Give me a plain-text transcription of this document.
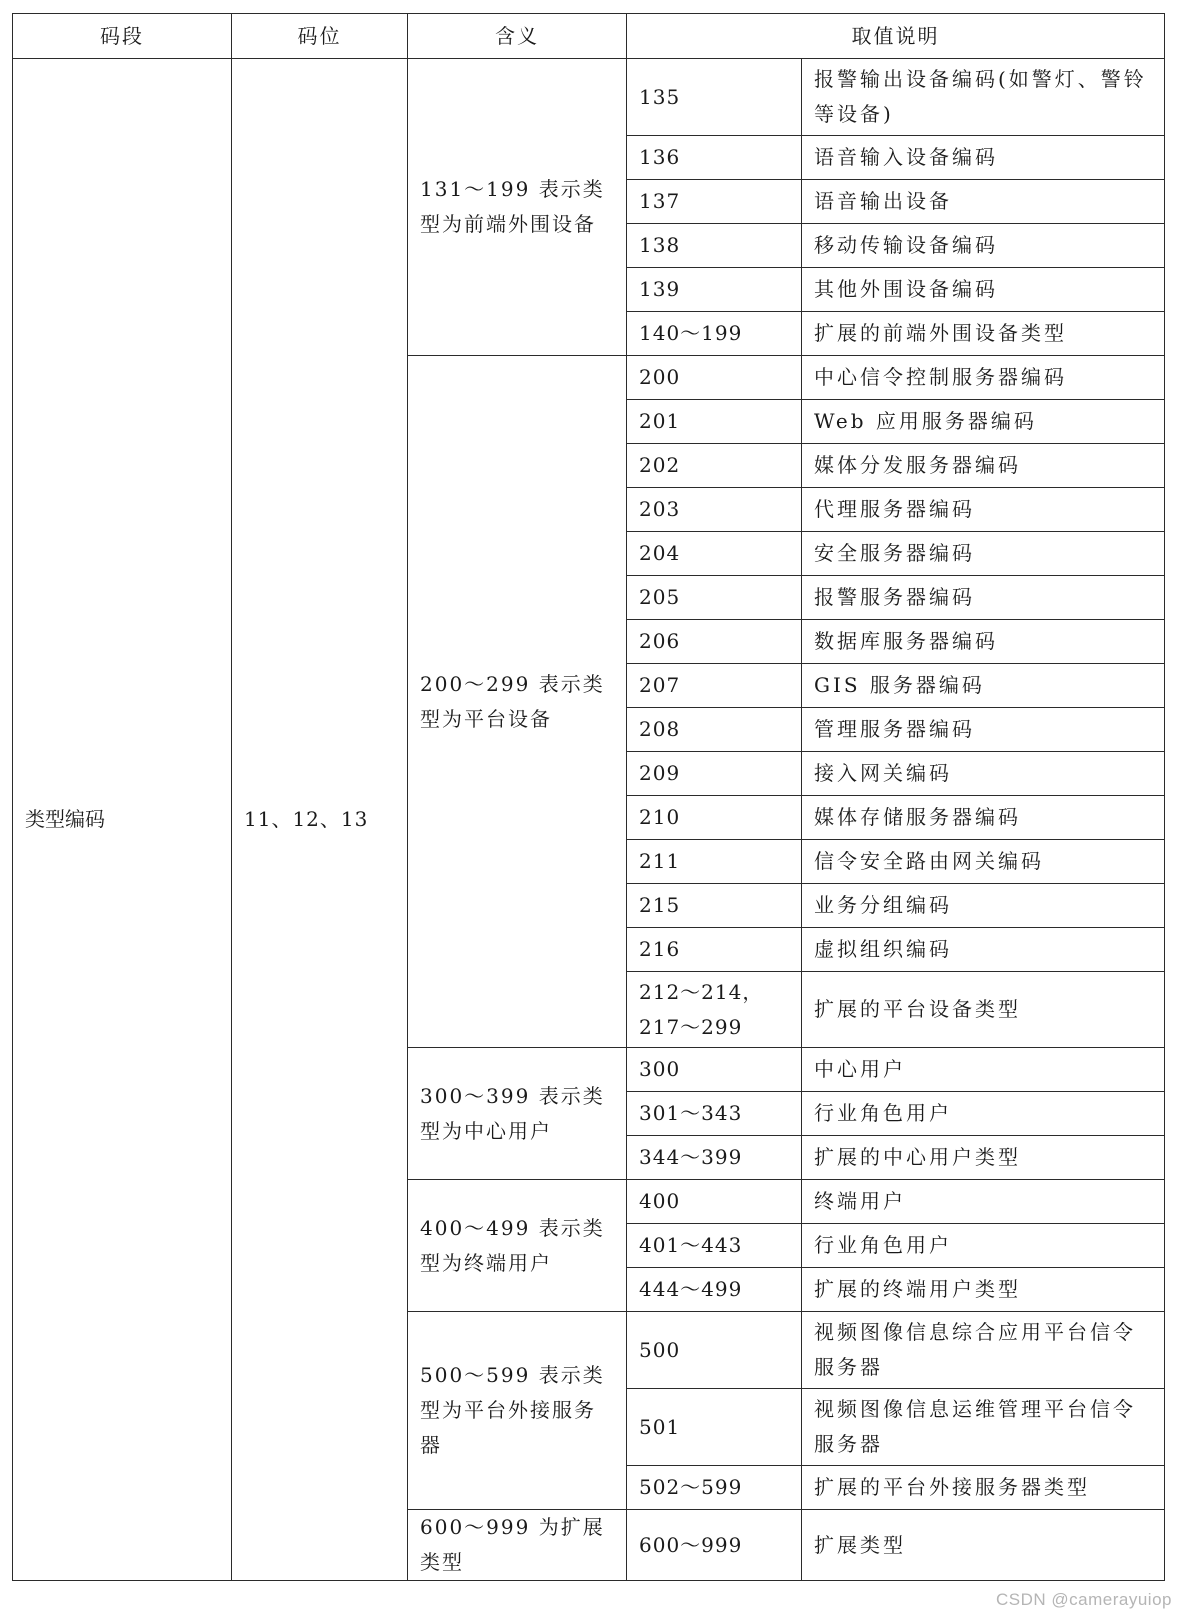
码段	码位	含义	取值说明	
类型编码	11、12、13	131～199 表示类型为前端外围设备	135	报警输出设备编码(如警灯、警铃等设备)
			136	语音输入设备编码
			137	语音输出设备
			138	移动传输设备编码
			139	其他外围设备编码
			140～199	扩展的前端外围设备类型
		200～299 表示类型为平台设备	200	中心信令控制服务器编码
			201	Web 应用服务器编码
			202	媒体分发服务器编码
			203	代理服务器编码
			204	安全服务器编码
			205	报警服务器编码
			206	数据库服务器编码
			207	GIS 服务器编码
			208	管理服务器编码
			209	接入网关编码
			210	媒体存储服务器编码
			211	信令安全路由网关编码
			215	业务分组编码
			216	虚拟组织编码
			212～214，217～299	扩展的平台设备类型
		300～399 表示类型为中心用户	300	中心用户
			301～343	行业角色用户
			344～399	扩展的中心用户类型
		400～499 表示类型为终端用户	400	终端用户
			401～443	行业角色用户
			444～499	扩展的终端用户类型
		500～599 表示类型为平台外接服务器	500	视频图像信息综合应用平台信令服务器
			501	视频图像信息运维管理平台信令服务器
			502～599	扩展的平台外接服务器类型
		600～999 为扩展类型	600～999	扩展类型
CSDN @camerayuiop
